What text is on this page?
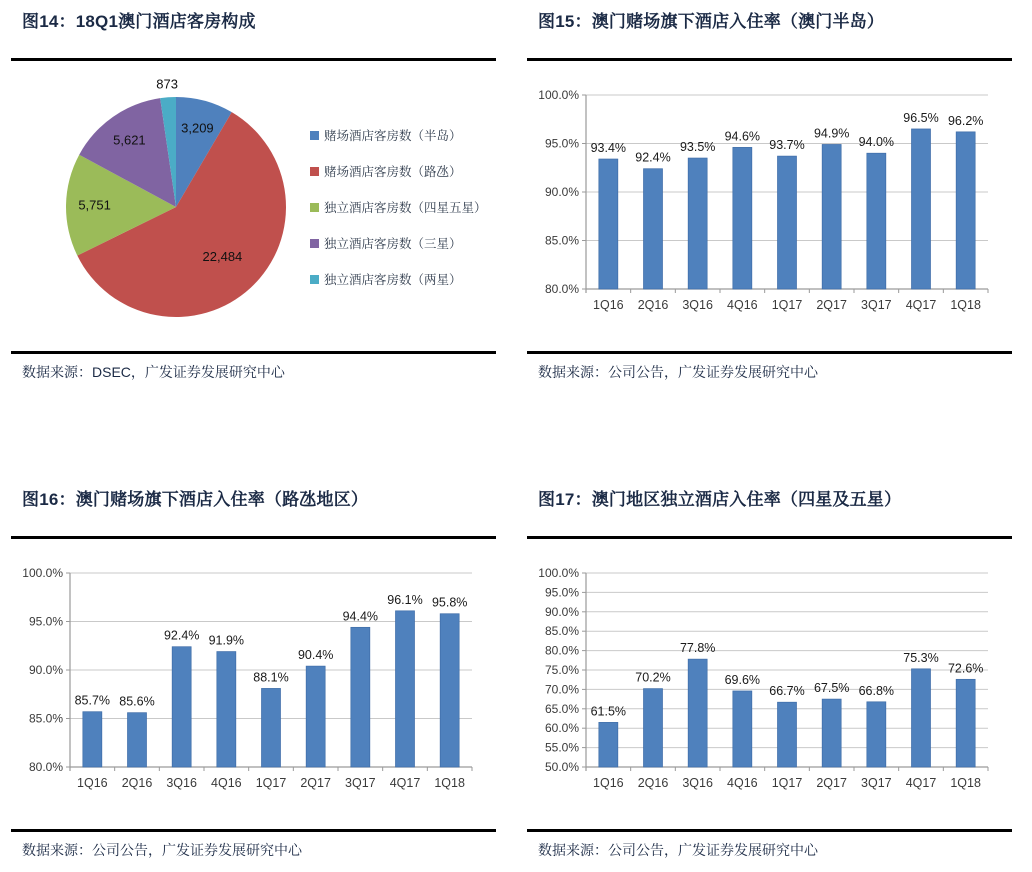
图14：18Q1澳门酒店客房构成
3,209
22,484
5,751
5,621
873
赌场酒店客房数（半岛）
赌场酒店客房数（路氹）
独立酒店客房数（四星五星）
独立酒店客房数（三星）
独立酒店客房数（两星）
数据来源：DSEC，广发证券发展研究中心
图15：澳门赌场旗下酒店入住率（澳门半岛）
80.0%
85.0%
90.0%
95.0%
100.0%
93.4%
1Q16
92.4%
2Q16
93.5%
3Q16
94.6%
4Q16
93.7%
1Q17
94.9%
2Q17
94.0%
3Q17
96.5%
4Q17
96.2%
1Q18
数据来源：公司公告，广发证券发展研究中心
图16：澳门赌场旗下酒店入住率（路氹地区）
80.0%
85.0%
90.0%
95.0%
100.0%
85.7%
1Q16
85.6%
2Q16
92.4%
3Q16
91.9%
4Q16
88.1%
1Q17
90.4%
2Q17
94.4%
3Q17
96.1%
4Q17
95.8%
1Q18
数据来源：公司公告，广发证券发展研究中心
图17：澳门地区独立酒店入住率（四星及五星）
50.0%
55.0%
60.0%
65.0%
70.0%
75.0%
80.0%
85.0%
90.0%
95.0%
100.0%
61.5%
1Q16
70.2%
2Q16
77.8%
3Q16
69.6%
4Q16
66.7%
1Q17
67.5%
2Q17
66.8%
3Q17
75.3%
4Q17
72.6%
1Q18
数据来源：公司公告，广发证券发展研究中心
